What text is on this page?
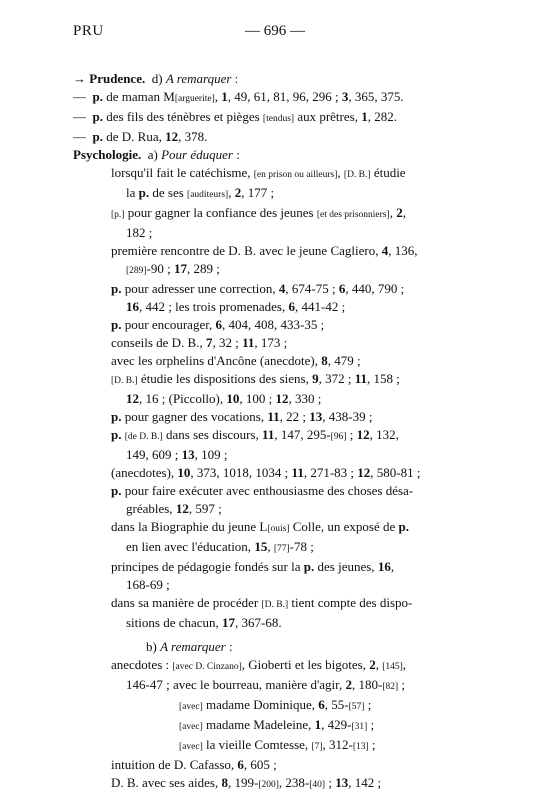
PRU	— 696 —
→ Prudence.  d) A remarquer :
—  p. de maman M[arguerite], 1, 49, 61, 81, 96, 296 ; 3, 365, 375.
—  p. des fils des ténèbres et pièges [tendus] aux prêtres, 1, 282.
—  p. de D. Rua, 12, 378.
Psychologie.  a) Pour éduquer :
lorsqu'il fait le catéchisme, [en prison ou ailleurs], [D. B.] étudie
la p. de ses [auditeurs], 2, 177 ;
[p.] pour gagner la confiance des jeunes [et des prisonniers], 2,
182 ;
première rencontre de D. B. avec le jeune Cagliero, 4, 136,
[289]-90 ; 17, 289 ;
p. pour adresser une correction, 4, 674-75 ; 6, 440, 790 ;
16, 442 ; les trois promenades, 6, 441-42 ;
p. pour encourager, 6, 404, 408, 433-35 ;
conseils de D. B., 7, 32 ; 11, 173 ;
avec les orphelins d'Ancône (anecdote), 8, 479 ;
[D. B.] étudie les dispositions des siens, 9, 372 ; 11, 158 ;
12, 16 ; (Piccollo), 10, 100 ; 12, 330 ;
p. pour gagner des vocations, 11, 22 ; 13, 438-39 ;
p. [de D. B.] dans ses discours, 11, 147, 295-[96] ; 12, 132,
149, 609 ; 13, 109 ;
(anecdotes), 10, 373, 1018, 1034 ; 11, 271-83 ; 12, 580-81 ;
p. pour faire exécuter avec enthousiasme des choses désa-
gréables, 12, 597 ;
dans la Biographie du jeune L[ouis] Colle, un exposé de p.
en lien avec l'éducation, 15, [77]-78 ;
principes de pédagogie fondés sur la p. des jeunes, 16,
168-69 ;
dans sa manière de procéder [D. B.] tient compte des dispo-
sitions de chacun, 17, 367-68.
b) A remarquer :
anecdotes : [avec D. Cinzano], Gioberti et les bigotes, 2, [145],
146-47 ; avec le bourreau, manière d'agir, 2, 180-[82] ;
[avec] madame Dominique, 6, 55-[57] ;
[avec] madame Madeleine, 1, 429-[31] ;
[avec] la vieille Comtesse, [7], 312-[13] ;
intuition de D. Cafasso, 6, 605 ;
D. B. avec ses aides, 8, 199-[200], 238-[40] ; 13, 142 ;
